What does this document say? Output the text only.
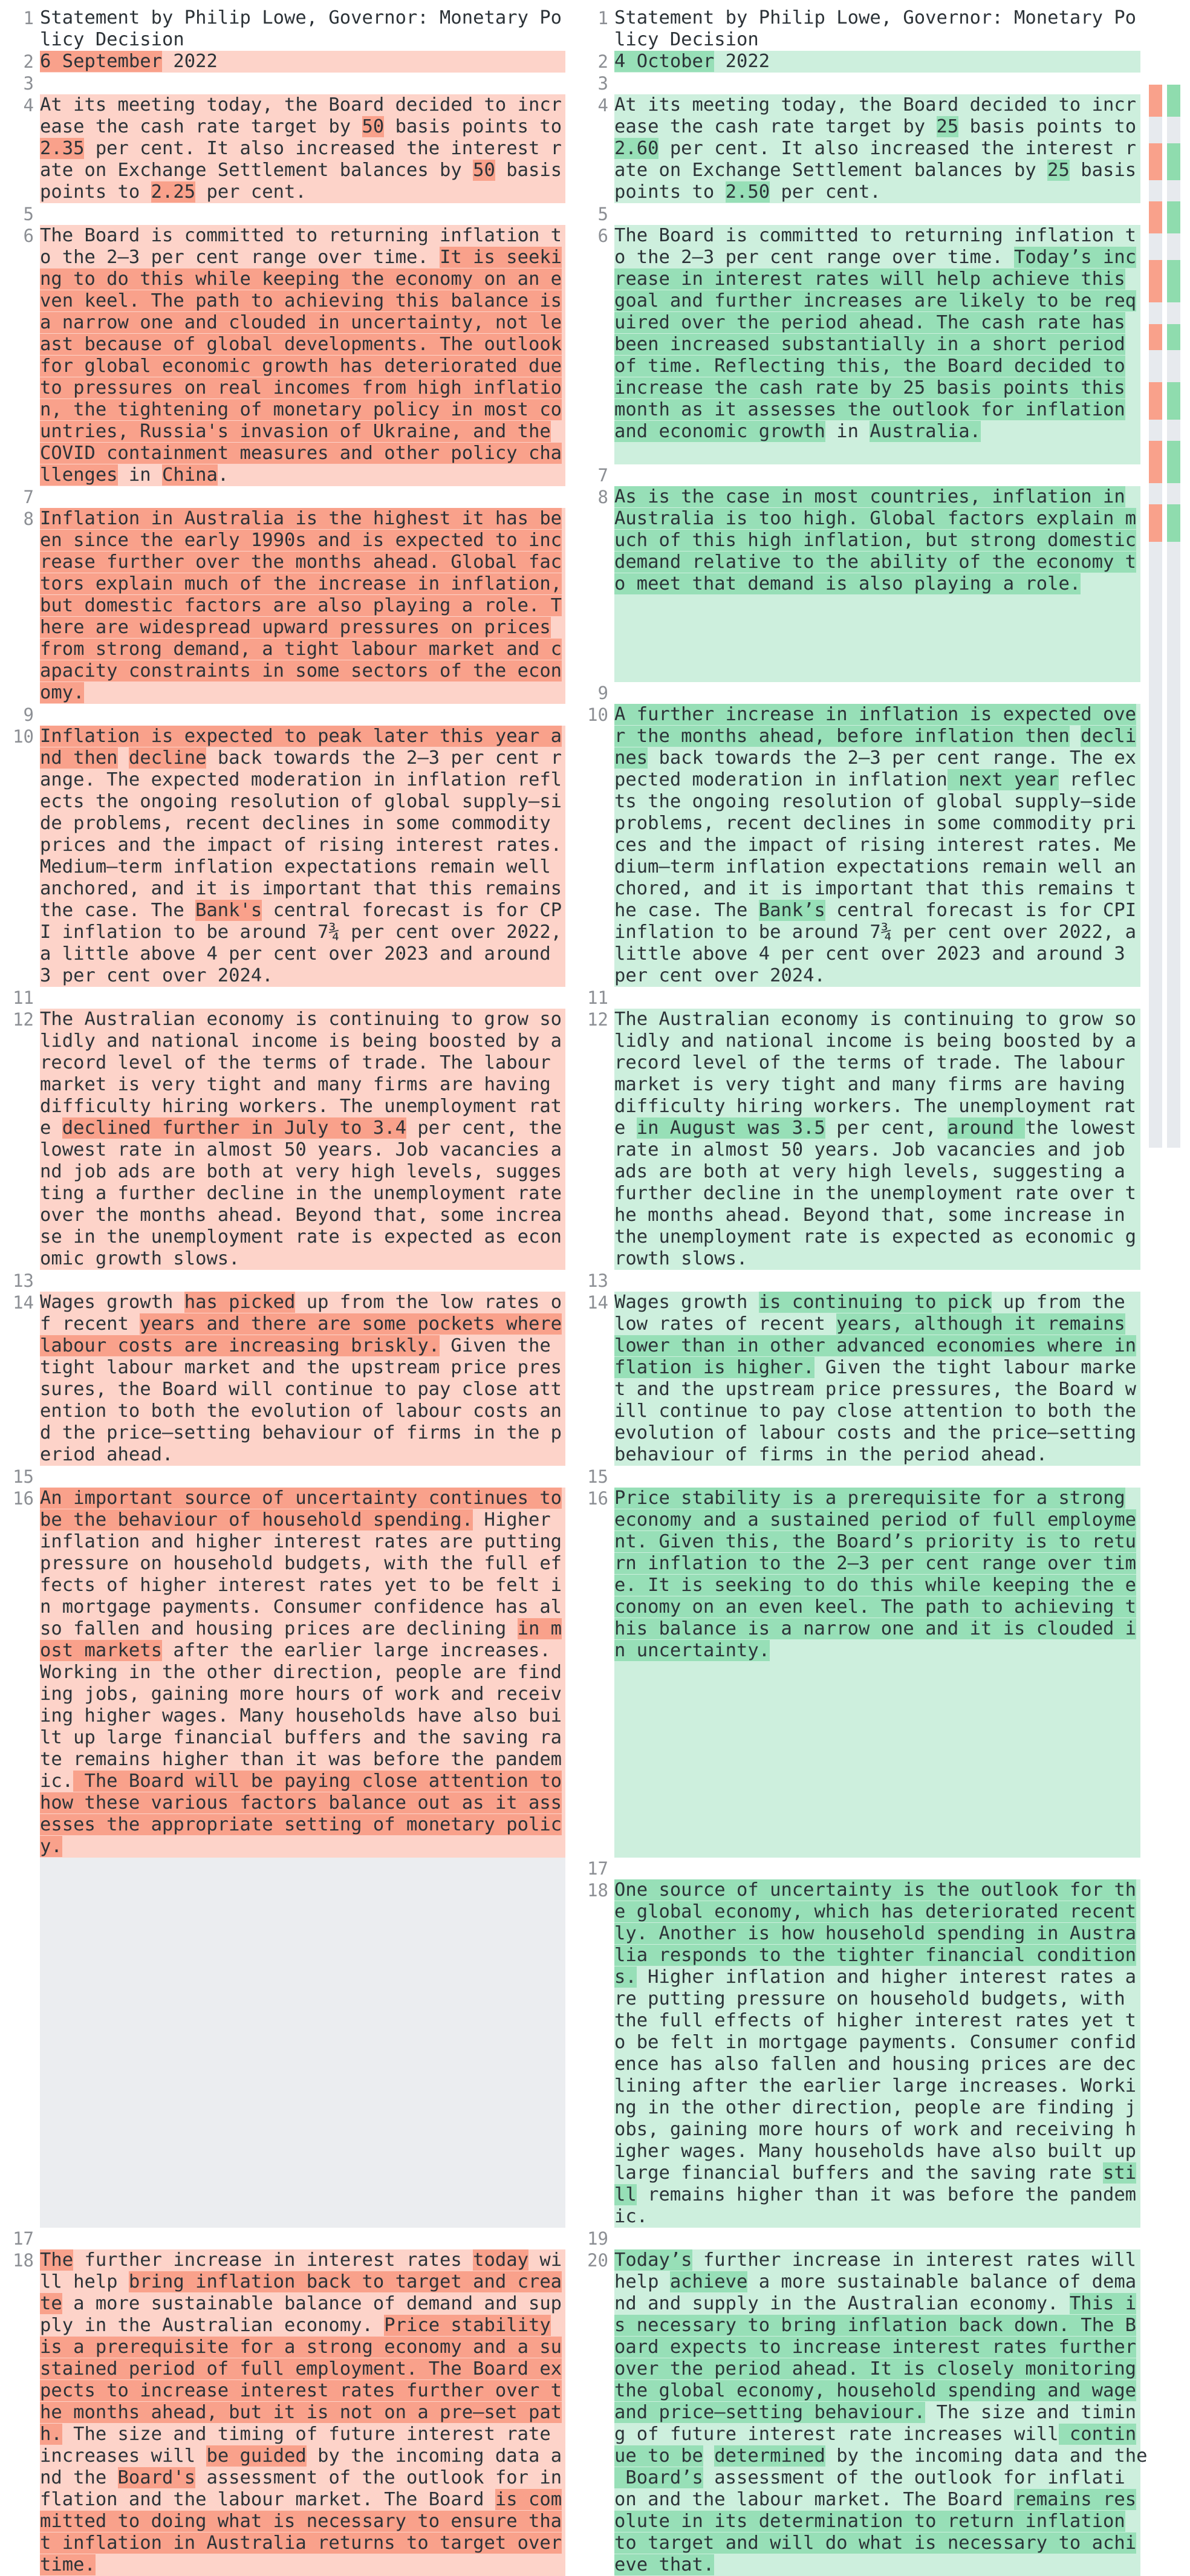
1 Statement by Philip Lowe, Governor: Monetary Po
licy Decision
2 6 September 2022
3
4 At its meeting today, the Board decided to incr
ease the cash rate target by 50 basis points to
2.35 per cent. It also increased the interest r
ate on Exchange Settlement balances by 50 basis
points to 2.25 per cent.
5
6 The Board is committed to returning inflation t
o the 2–3 per cent range over time. It is seeki
ng to do this while keeping the economy on an e
ven keel. The path to achieving this balance is
a narrow one and clouded in uncertainty, not le
ast because of global developments. The outlook
for global economic growth has deteriorated due
to pressures on real incomes from high inflatio
n, the tightening of monetary policy in most co
untries, Russia's invasion of Ukraine, and the
COVID containment measures and other policy cha
llenges in China.
7
8 Inflation in Australia is the highest it has be
en since the early 1990s and is expected to inc
rease further over the months ahead. Global fac
tors explain much of the increase in inflation,
but domestic factors are also playing a role. T
here are widespread upward pressures on prices
from strong demand, a tight labour market and c
apacity constraints in some sectors of the econ
omy.
9
10 Inflation is expected to peak later this year a
nd then decline back towards the 2–3 per cent r
ange. The expected moderation in inflation refl
ects the ongoing resolution of global supply–si
de problems, recent declines in some commodity
prices and the impact of rising interest rates.
Medium–term inflation expectations remain well
anchored, and it is important that this remains
the case. The Bank's central forecast is for CP
I inflation to be around 7¾ per cent over 2022,
a little above 4 per cent over 2023 and around
3 per cent over 2024.
11
12 The Australian economy is continuing to grow so
lidly and national income is being boosted by a
record level of the terms of trade. The labour
market is very tight and many firms are having
difficulty hiring workers. The unemployment rat
e declined further in July to 3.4 per cent, the
lowest rate in almost 50 years. Job vacancies a
nd job ads are both at very high levels, sugges
ting a further decline in the unemployment rate
over the months ahead. Beyond that, some increa
se in the unemployment rate is expected as econ
omic growth slows.
13
14 Wages growth has picked up from the low rates o
f recent years and there are some pockets where
labour costs are increasing briskly. Given the
tight labour market and the upstream price pres
sures, the Board will continue to pay close att
ention to both the evolution of labour costs an
d the price–setting behaviour of firms in the p
eriod ahead.
15
16 An important source of uncertainty continues to
be the behaviour of household spending. Higher
inflation and higher interest rates are putting
pressure on household budgets, with the full ef
fects of higher interest rates yet to be felt i
n mortgage payments. Consumer confidence has al
so fallen and housing prices are declining in m
ost markets after the earlier large increases.
Working in the other direction, people are find
ing jobs, gaining more hours of work and receiv
ing higher wages. Many households have also bui
lt up large financial buffers and the saving ra
te remains higher than it was before the pandem
ic. The Board will be paying close attention to
how these various factors balance out as it ass
esses the appropriate setting of monetary polic
y.
17
18 The further increase in interest rates today wi
ll help bring inflation back to target and crea
te a more sustainable balance of demand and sup
ply in the Australian economy. Price stability
is a prerequisite for a strong economy and a su
stained period of full employment. The Board ex
pects to increase interest rates further over t
he months ahead, but it is not on a pre–set pat
h. The size and timing of future interest rate
increases will be guided by the incoming data a
nd the Board's assessment of the outlook for in
flation and the labour market. The Board is com
mitted to doing what is necessary to ensure tha
t inflation in Australia returns to target over
time.
1 Statement by Philip Lowe, Governor: Monetary Po
licy Decision
2 4 October 2022
3
4 At its meeting today, the Board decided to incr
ease the cash rate target by 25 basis points to
2.60 per cent. It also increased the interest r
ate on Exchange Settlement balances by 25 basis
points to 2.50 per cent.
5
6 The Board is committed to returning inflation t
o the 2–3 per cent range over time. Today’s inc
rease in interest rates will help achieve this
goal and further increases are likely to be req
uired over the period ahead. The cash rate has
been increased substantially in a short period
of time. Reflecting this, the Board decided to
increase the cash rate by 25 basis points this
month as it assesses the outlook for inflation
and economic growth in Australia.
7
8 As is the case in most countries, inflation in
Australia is too high. Global factors explain m
uch of this high inflation, but strong domestic
demand relative to the ability of the economy t
o meet that demand is also playing a role.
9
10 A further increase in inflation is expected ove
r the months ahead, before inflation then decli
nes back towards the 2–3 per cent range. The ex
pected moderation in inflation next year reflec
ts the ongoing resolution of global supply–side
problems, recent declines in some commodity pri
ces and the impact of rising interest rates. Me
dium–term inflation expectations remain well an
chored, and it is important that this remains t
he case. The Bank’s central forecast is for CPI
inflation to be around 7¾ per cent over 2022, a
little above 4 per cent over 2023 and around 3
per cent over 2024.
11
12 The Australian economy is continuing to grow so
lidly and national income is being boosted by a
record level of the terms of trade. The labour
market is very tight and many firms are having
difficulty hiring workers. The unemployment rat
e in August was 3.5 per cent, around the lowest
rate in almost 50 years. Job vacancies and job
ads are both at very high levels, suggesting a
further decline in the unemployment rate over t
he months ahead. Beyond that, some increase in
the unemployment rate is expected as economic g
rowth slows.
13
14 Wages growth is continuing to pick up from the
low rates of recent years, although it remains
lower than in other advanced economies where in
flation is higher. Given the tight labour marke
t and the upstream price pressures, the Board w
ill continue to pay close attention to both the
evolution of labour costs and the price–setting
behaviour of firms in the period ahead.
15
16 Price stability is a prerequisite for a strong
economy and a sustained period of full employme
nt. Given this, the Board’s priority is to retu
rn inflation to the 2–3 per cent range over tim
e. It is seeking to do this while keeping the e
conomy on an even keel. The path to achieving t
his balance is a narrow one and it is clouded i
n uncertainty.
17
18 One source of uncertainty is the outlook for th
e global economy, which has deteriorated recent
ly. Another is how household spending in Austra
lia responds to the tighter financial condition
s. Higher inflation and higher interest rates a
re putting pressure on household budgets, with
the full effects of higher interest rates yet t
o be felt in mortgage payments. Consumer confid
ence has also fallen and housing prices are dec
lining after the earlier large increases. Worki
ng in the other direction, people are finding j
obs, gaining more hours of work and receiving h
igher wages. Many households have also built up
large financial buffers and the saving rate sti
ll remains higher than it was before the pandem
ic.
19
20 Today’s further increase in interest rates will
help achieve a more sustainable balance of dema
nd and supply in the Australian economy. This i
s necessary to bring inflation back down. The B
oard expects to increase interest rates further
over the period ahead. It is closely monitoring
the global economy, household spending and wage
and price–setting behaviour. The size and timin
g of future interest rate increases will contin
ue to be determined by the incoming data and the
Board’s assessment of the outlook for inflati
on and the labour market. The Board remains res
olute in its determination to return inflation
to target and will do what is necessary to achi
eve that.
